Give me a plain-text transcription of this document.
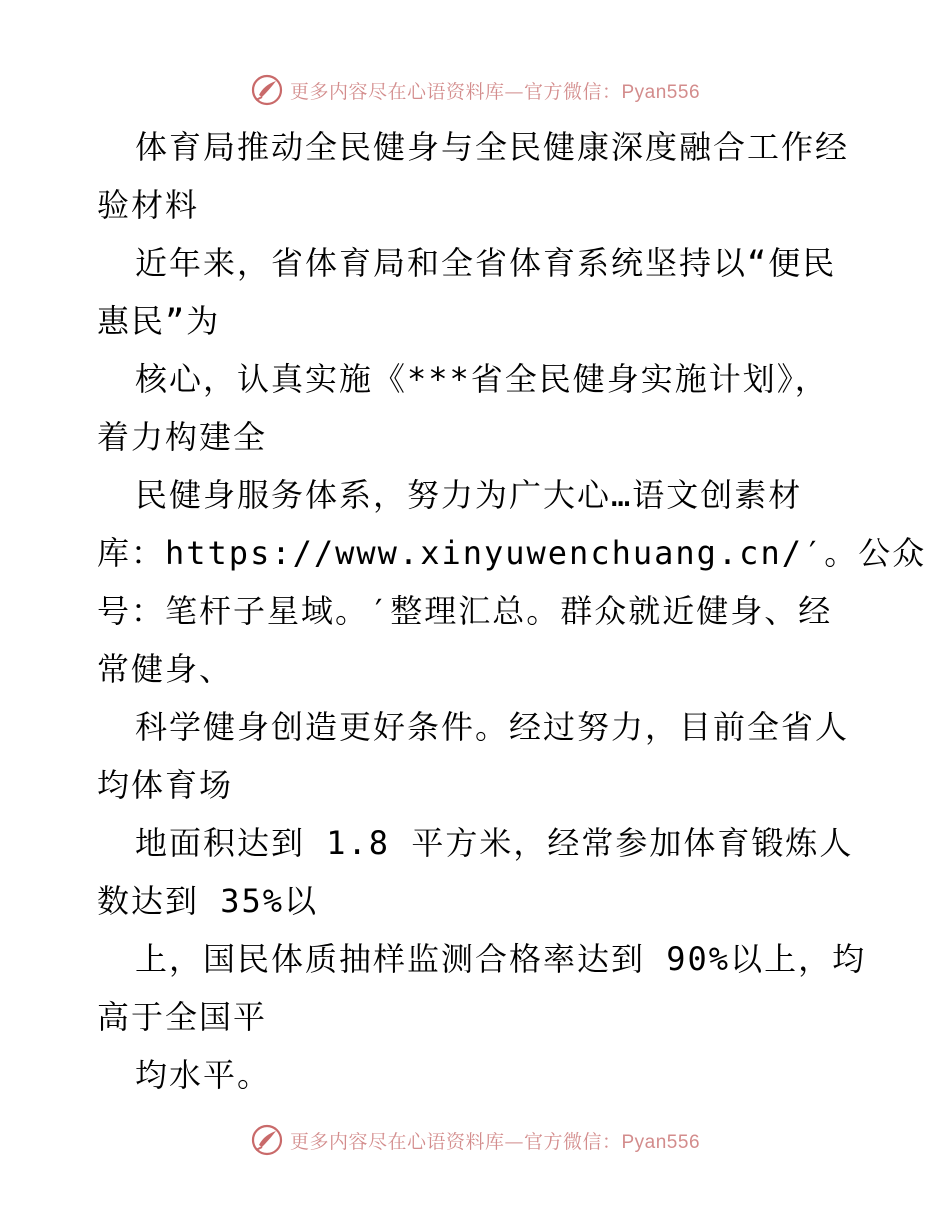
更多内容尽在心语资料库—官方微信：Pyan556
体育局推动全民健身与全民健康深度融合工作经
验材料
近年来，省体育局和全省体育系统坚持以“便民
惠民”为
核心，认真实施《***省全民健身实施计划》，
着力构建全
民健身服务体系，努力为广大心…语文创素材
库：https://www.xinyuwenchuang.cn/′。公众
号：笔杆子星域。′整理汇总。群众就近健身、经
常健身、
科学健身创造更好条件。经过努力，目前全省人
均体育场
地面积达到 1.8 平方米，经常参加体育锻炼人
数达到 35%以
上，国民体质抽样监测合格率达到 90%以上，均
高于全国平
均水平。
更多内容尽在心语资料库—官方微信：Pyan556
